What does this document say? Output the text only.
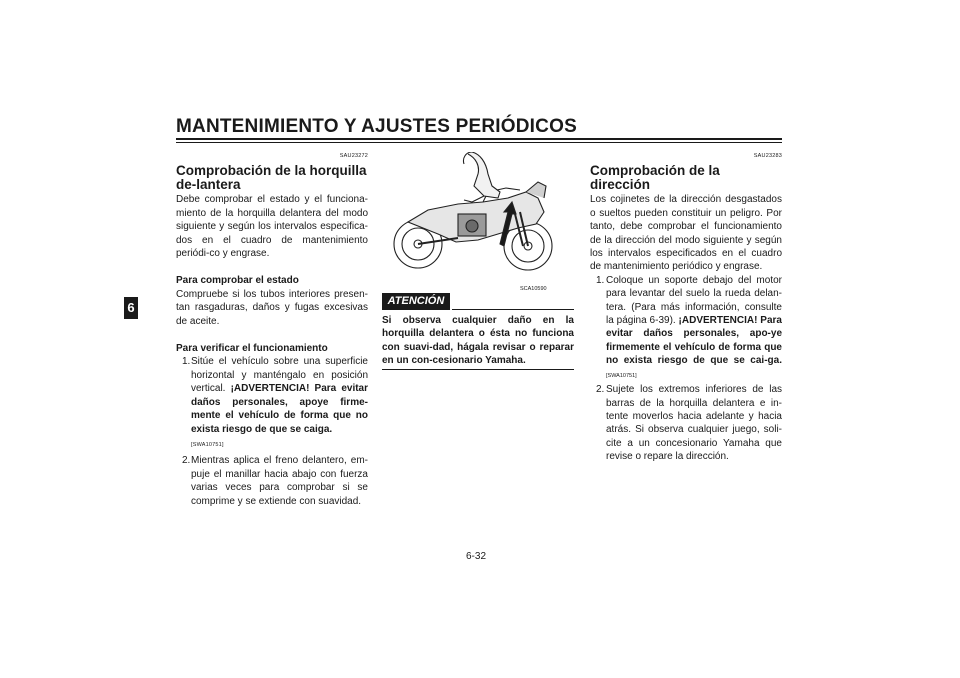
MANTENIMIENTO Y AJUSTES PERIÓDICOS
6
SAU23272
Comprobación de la horquilla de-lantera

Debe comprobar el estado y el funciona-miento de la horquilla delantera del modo siguiente y según los intervalos especifica-dos en el cuadro de mantenimiento periódi-co y engrase.

Para comprobar el estado

Compruebe si los tubos interiores presen-tan rasgaduras, daños y fugas excesivas de aceite.

Para verificar el funcionamiento
1. Sitúe el vehículo sobre una superficie horizontal y manténgalo en posición vertical. ¡ADVERTENCIA! Para evitar daños personales, apoye firme-mente el vehículo de forma que no exista riesgo de que se caiga.
[SWA10751]
2. Mientras aplica el freno delantero, em-puje el manillar hacia abajo con fuerza varias veces para comprobar si se comprime y se extiende con suavidad.
SCA10590
ATENCIÓN
Si observa cualquier daño en la horquilla delantera o ésta no funciona con suavi-dad, hágala revisar o reparar en un con-cesionario Yamaha.
SAU23283
Comprobación de la dirección

Los cojinetes de la dirección desgastados o sueltos pueden constituir un peligro. Por tanto, debe comprobar el funcionamiento de la dirección del modo siguiente y según los intervalos especificados en el cuadro de mantenimiento periódico y engrase.

1. Coloque un soporte debajo del motor para levantar del suelo la rueda delan-tera. (Para más información, consulte la página 6-39). ¡ADVERTENCIA! Para evitar daños personales, apo-ye firmemente el vehículo de forma que no exista riesgo de que se cai-ga. [SWA10751]
2. Sujete los extremos inferiores de las barras de la horquilla delantera e in-tente moverlos hacia adelante y hacia atrás. Si observa cualquier juego, soli-cite a un concesionario Yamaha que revise o repare la dirección.
6-32
